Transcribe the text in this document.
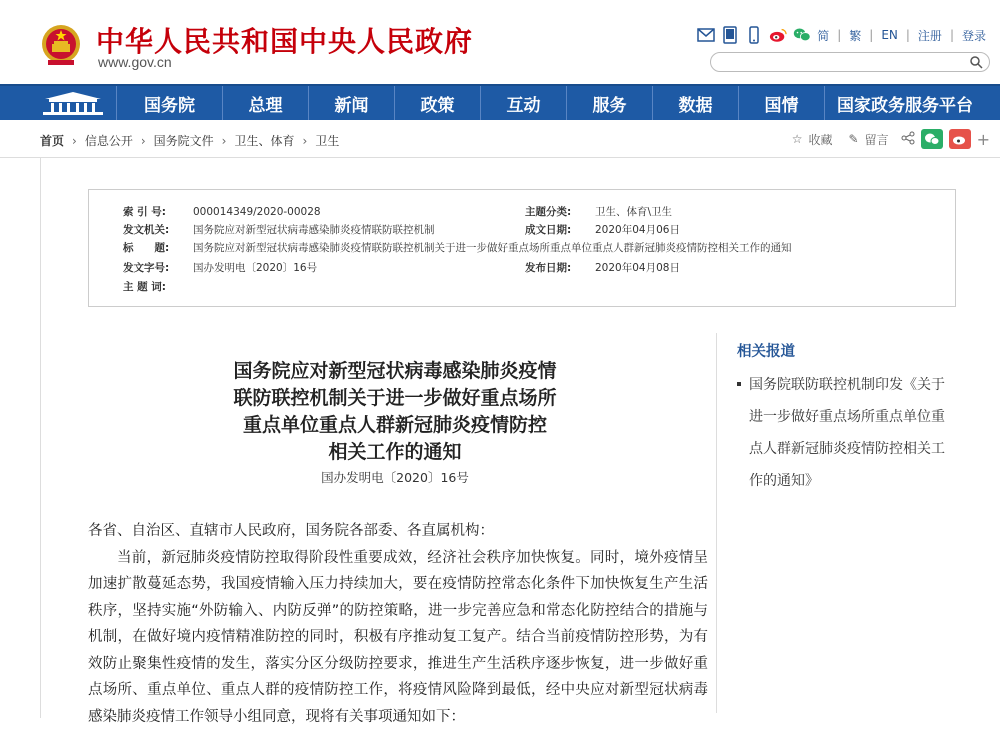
中华人民共和国中央人民政府
www.gov.cn
简 | 繁 | EN | 注册 | 登录
国务院	总理	新闻	政策	互动	服务	数据	国情	国家政务服务平台
首页 › 信息公开 › 国务院文件 › 卫生、体育 › 卫生	☆ 收藏 ✎ 留言	+
索 引 号:	000014349/2020-00028	主题分类: 卫生、体育\卫生
发文机关: 国务院应对新型冠状病毒感染肺炎疫情联防联控机制	成文日期: 2020年04月06日
标　　题: 国务院应对新型冠状病毒感染肺炎疫情联防联控机制关于进一步做好重点场所重点单位重点人群新冠肺炎疫情防控相关工作的通知
发文字号: 国办发明电〔2020〕16号	发布日期: 2020年04月08日
主 题 词:
国务院应对新型冠状病毒感染肺炎疫情
联防联控机制关于进一步做好重点场所
重点单位重点人群新冠肺炎疫情防控
相关工作的通知
国办发明电〔2020〕16号

各省、自治区、直辖市人民政府，国务院各部委、各直属机构：

当前，新冠肺炎疫情防控取得阶段性重要成效，经济社会秩序加快恢复。同时，境外疫情呈加速扩散蔓延态势，我国疫情输入压力持续加大，要在疫情防控常态化条件下加快恢复生产生活秩序，坚持实施“外防输入、内防反弹”的防控策略，进一步完善应急和常态化防控结合的措施与机制，在做好境内疫情精准防控的同时，积极有序推动复工复产。结合当前疫情防控形势，为有效防止聚集性疫情的发生，落实分区分级防控要求，推进生产生活秩序逐步恢复，进一步做好重点场所、重点单位、重点人群的疫情防控工作，将疫情风险降到最低，经中央应对新型冠状病毒感染肺炎疫情工作领导小组同意，现将有关事项通知如下：

相关报道
国务院联防联控机制印发《关于进一步做好重点场所重点单位重点人群新冠肺炎疫情防控相关工作的通知》
